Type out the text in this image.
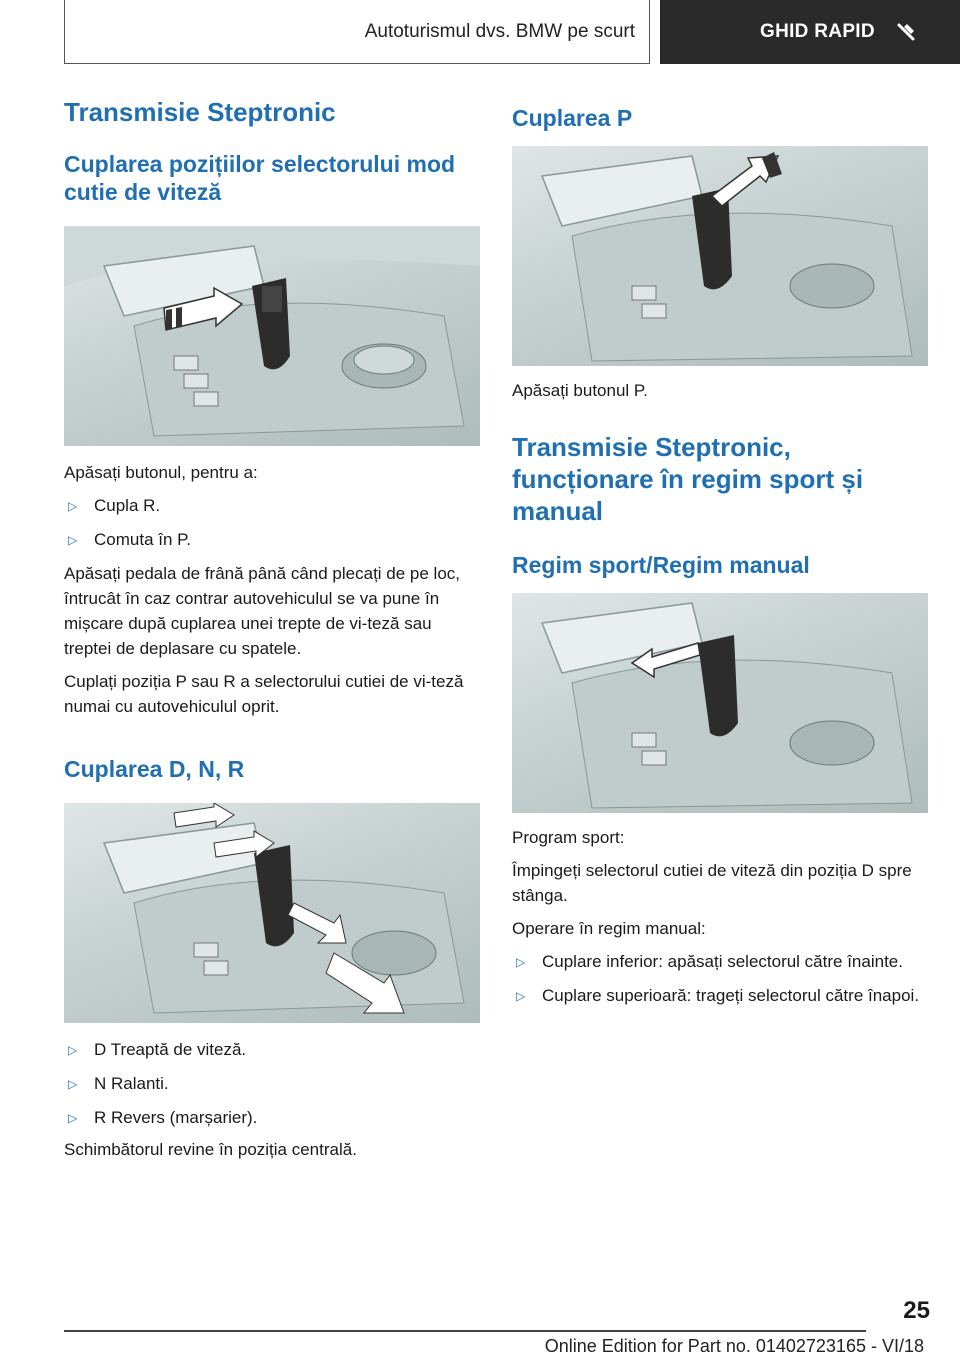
Autoturismul dvs. BMW pe scurt	GHID RAPID
Transmisie Steptronic
Cuplarea pozițiilor selectorului mod cutie de viteză

Apăsați butonul, pentru a:

▷ Cupla R.
▷ Comuta în P.

Apăsați pedala de frână până când plecați de pe loc, întrucât în caz contrar autovehiculul se va pune în mișcare după cuplarea unei trepte de vi-teză sau treptei de deplasare cu spatele.

Cuplați poziția P sau R a selectorului cutiei de vi-teză numai cu autovehiculul oprit.

Cuplarea D, N, R
▷ D Treaptă de viteză.
▷ N Ralanti.
▷ R Revers (marșarier).

Schimbătorul revine în poziția centrală.

Cuplarea P

Apăsați butonul P.

Transmisie Steptronic, funcționare în regim sport și manual
Regim sport/Regim manual

Program sport:

Împingeți selectorul cutiei de viteză din poziția D spre stânga.

Operare în regim manual:

▷ Cuplare inferior: apăsați selectorul către înainte.
▷ Cuplare superioară: trageți selectorul către înapoi.
25
Online Edition for Part no. 01402723165 - VI/18
